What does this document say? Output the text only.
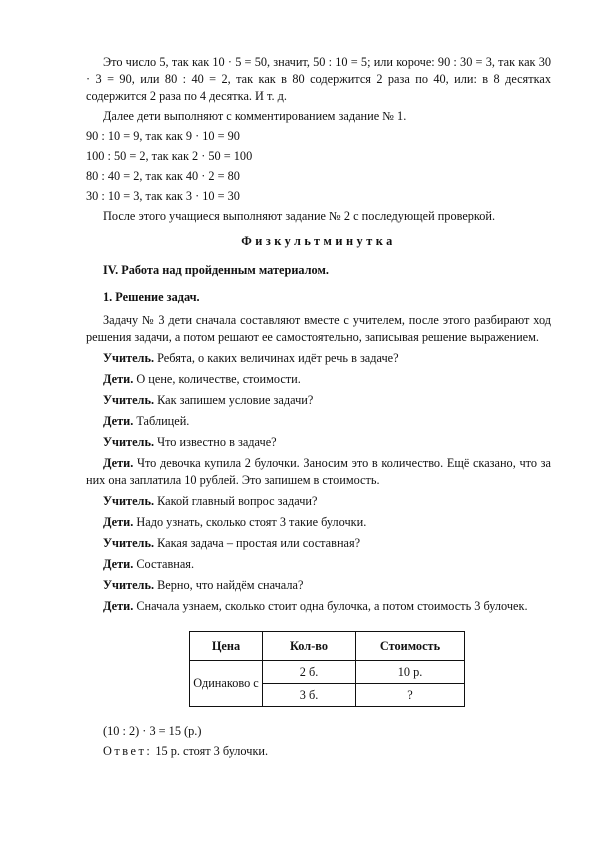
Это число 5, так как 10 · 5 = 50, значит, 50 : 10 = 5; или короче: 90 : 30 = 3, так как 30 · 3 = 90, или 80 : 40 = 2, так как в 80 содержится 2 раза по 40, или: в 8 десятках содержится 2 раза по 4 десятка. И т. д.

Далее дети выполняют с комментированием задание № 1.

90 : 10 = 9, так как 9 · 10 = 90

100 : 50 = 2, так как 2 · 50 = 100

80 : 40 = 2, так как 40 · 2 = 80

30 : 10 = 3, так как 3 · 10 = 30

После этого учащиеся выполняют задание № 2 с последующей проверкой.

Физкультминутка

IV. Работа над пройденным материалом.

1. Решение задач.

Задачу № 3 дети сначала составляют вместе с учителем, после этого разбирают ход решения задачи, а потом решают ее самостоятельно, записывая решение выражением.

Учитель. Ребята, о каких величинах идёт речь в задаче?

Дети. О цене, количестве, стоимости.

Учитель. Как запишем условие задачи?

Дети. Таблицей.

Учитель. Что известно в задаче?

Дети. Что девочка купила 2 булочки. Заносим это в количество. Ещё сказано, что за них она заплатила 10 рублей. Это запишем в стоимость.

Учитель. Какой главный вопрос задачи?

Дети. Надо узнать, сколько стоят 3 такие булочки.

Учитель. Какая задача – простая или составная?

Дети. Составная.

Учитель. Верно, что найдём сначала?

Дети. Сначала узнаем, сколько стоит одна булочка, а потом стоимость 3 булочек.

Цена	Кол-во	Стоимость
Одинаково с	2 б.	10 р.
	3 б.	?

(10 : 2) · 3 = 15 (р.)

Ответ: 15 р. стоят 3 булочки.
